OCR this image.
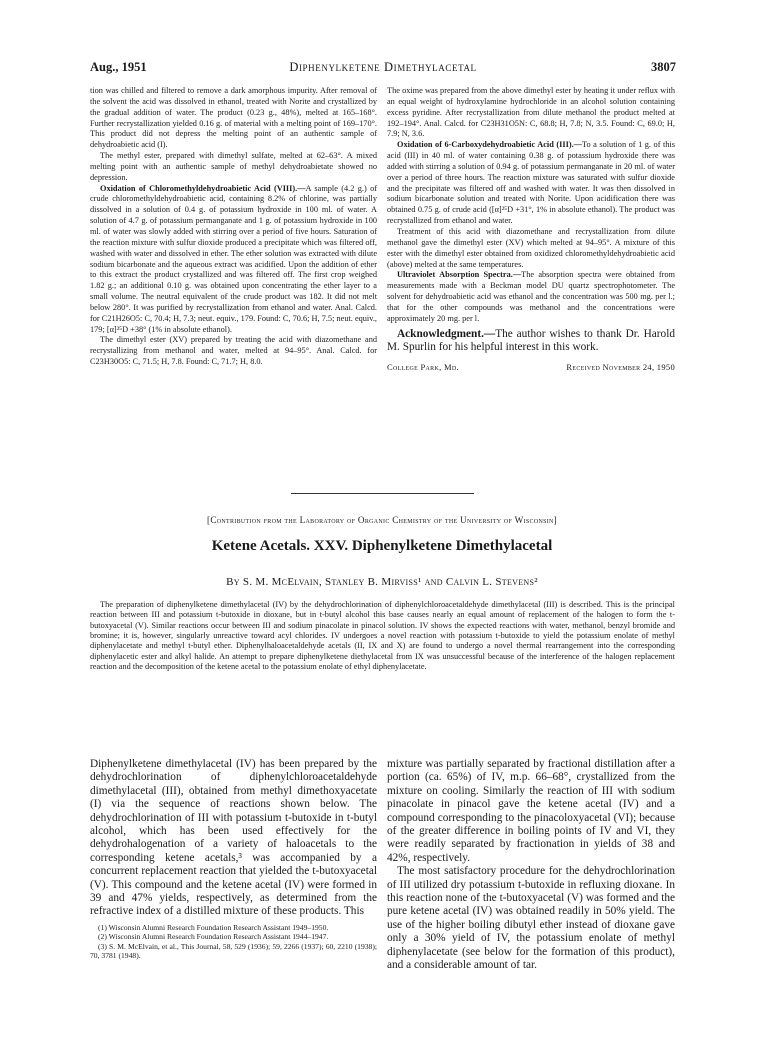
Aug., 1951	Diphenylketene Dimethylacetal	3807

tion was chilled and filtered to remove a dark amorphous impurity. After removal of the solvent the acid was dissolved in ethanol, treated with Norite and crystallized by the gradual addition of water. The product (0.23 g., 48%), melted at 165–168°. Further recrystallization yielded 0.16 g. of material with a melting point of 169–170°. This product did not depress the melting point of an authentic sample of dehydroabietic acid (I).

The methyl ester, prepared with dimethyl sulfate, melted at 62–63°. A mixed melting point with an authentic sample of methyl dehydroabietate showed no depression.

Oxidation of Chloromethyldehydroabietic Acid (VIII).—A sample (4.2 g.) of crude chloromethyldehydroabietic acid, containing 8.2% of chlorine, was partially dissolved in a solution of 0.4 g. of potassium hydroxide in 100 ml. of water. A solution of 4.7 g. of potassium permanganate and 1 g. of potassium hydroxide in 100 ml. of water was slowly added with stirring over a period of five hours. Saturation of the reaction mixture with sulfur dioxide produced a precipitate which was filtered off, washed with water and dissolved in ether. The ether solution was extracted with dilute sodium bicarbonate and the aqueous extract was acidified. Upon the addition of ether to this extract the product crystallized and was filtered off. The first crop weighed 1.82 g.; an additional 0.10 g. was obtained upon concentrating the ether layer to a small volume. The neutral equivalent of the crude product was 182. It did not melt below 280°. It was purified by recrystallization from ethanol and water. Anal. Calcd. for C21H26O5: C, 70.4; H, 7.3; neut. equiv., 179. Found: C, 70.6; H, 7.5; neut. equiv., 179; [α]²⁵D +38° (1% in absolute ethanol).

The dimethyl ester (XV) prepared by treating the acid with diazomethane and recrystallizing from methanol and water, melted at 94–95°. Anal. Calcd. for C23H30O5: C, 71.5; H, 7.8. Found: C, 71.7; H, 8.0.

The oxime was prepared from the above dimethyl ester by heating it under reflux with an equal weight of hydroxylamine hydrochloride in an alcohol solution containing excess pyridine. After recrystallization from dilute methanol the product melted at 192–194°. Anal. Calcd. for C23H31O5N: C, 68.8; H, 7.8; N, 3.5. Found: C, 69.0; H, 7.9; N, 3.6.

Oxidation of 6-Carboxydehydroabietic Acid (III).—To a solution of 1 g. of this acid (III) in 40 ml. of water containing 0.38 g. of potassium hydroxide there was added with stirring a solution of 0.94 g. of potassium permanganate in 20 ml. of water over a period of three hours. The reaction mixture was saturated with sulfur dioxide and the precipitate was filtered off and washed with water. It was then dissolved in sodium bicarbonate solution and treated with Norite. Upon acidification there was obtained 0.75 g. of crude acid ([α]²⁵D +31°, 1% in absolute ethanol). The product was recrystallized from ethanol and water.

Treatment of this acid with diazomethane and recrystallization from dilute methanol gave the dimethyl ester (XV) which melted at 94–95°. A mixture of this ester with the dimethyl ester obtained from oxidized chloromethyldehydroabietic acid (above) melted at the same temperatures.

Ultraviolet Absorption Spectra.—The absorption spectra were obtained from measurements made with a Beckman model DU quartz spectrophotometer. The solvent for dehydroabietic acid was ethanol and the concentration was 500 mg. per l.; that for the other compounds was methanol and the concentrations were approximately 20 mg. per l.

Acknowledgment.—The author wishes to thank Dr. Harold M. Spurlin for his helpful interest in this work.

College Park, Md.	Received November 24, 1950

[Contribution from the Laboratory of Organic Chemistry of the University of Wisconsin]
Ketene Acetals. XXV. Diphenylketene Dimethylacetal
By S. M. McElvain, Stanley B. Mirviss¹ and Calvin L. Stevens²
The preparation of diphenylketene dimethylacetal (IV) by the dehydrochlorination of diphenylchloroacetaldehyde dimethylacetal (III) is described. This is the principal reaction between III and potassium t-butoxide in dioxane, but in t-butyl alcohol this base causes nearly an equal amount of replacement of the halogen to form the t-butoxyacetal (V). Similar reactions occur between III and sodium pinacolate in pinacol solution. IV shows the expected reactions with water, methanol, benzyl bromide and bromine; it is, however, singularly unreactive toward acyl chlorides. IV undergoes a novel reaction with potassium t-butoxide to yield the potassium enolate of methyl diphenylacetate and methyl t-butyl ether. Diphenylhaloacetaldehyde acetals (II, IX and X) are found to undergo a novel thermal rearrangement into the corresponding diphenylacetic ester and alkyl halide. An attempt to prepare diphenylketene diethylacetal from IX was unsuccessful because of the interference of the halogen replacement reaction and the decomposition of the ketene acetal to the potassium enolate of ethyl diphenylacetate.

Diphenylketene dimethylacetal (IV) has been prepared by the dehydrochlorination of diphenylchloroacetaldehyde dimethylacetal (III), obtained from methyl dimethoxyacetate (I) via the sequence of reactions shown below. The dehydrochlorination of III with potassium t-butoxide in t-butyl alcohol, which has been used effectively for the dehydrohalogenation of a variety of haloacetals to the corresponding ketene acetals,³ was accompanied by a concurrent replacement reaction that yielded the t-butoxyacetal (V). This compound and the ketene acetal (IV) were formed in 39 and 47% yields, respectively, as determined from the refractive index of a distilled mixture of these products. This

(1) Wisconsin Alumni Research Foundation Research Assistant 1949–1950.
(2) Wisconsin Alumni Research Foundation Research Assistant 1944–1947.
(3) S. M. McElvain, et al., This Journal, 58, 529 (1936); 59, 2266 (1937); 60, 2210 (1938); 70, 3781 (1948).

mixture was partially separated by fractional distillation after a portion (ca. 65%) of IV, m.p. 66–68°, crystallized from the mixture on cooling. Similarly the reaction of III with sodium pinacolate in pinacol gave the ketene acetal (IV) and a compound corresponding to the pinacoloxyacetal (VI); because of the greater difference in boiling points of IV and VI, they were readily separated by fractionation in yields of 38 and 42%, respectively.

The most satisfactory procedure for the dehydrochlorination of III utilized dry potassium t-butoxide in refluxing dioxane. In this reaction none of the t-butoxyacetal (V) was formed and the pure ketene acetal (IV) was obtained readily in 50% yield. The use of the higher boiling dibutyl ether instead of dioxane gave only a 30% yield of IV, the potassium enolate of methyl diphenylacetate (see below for the formation of this product), and a considerable amount of tar.
